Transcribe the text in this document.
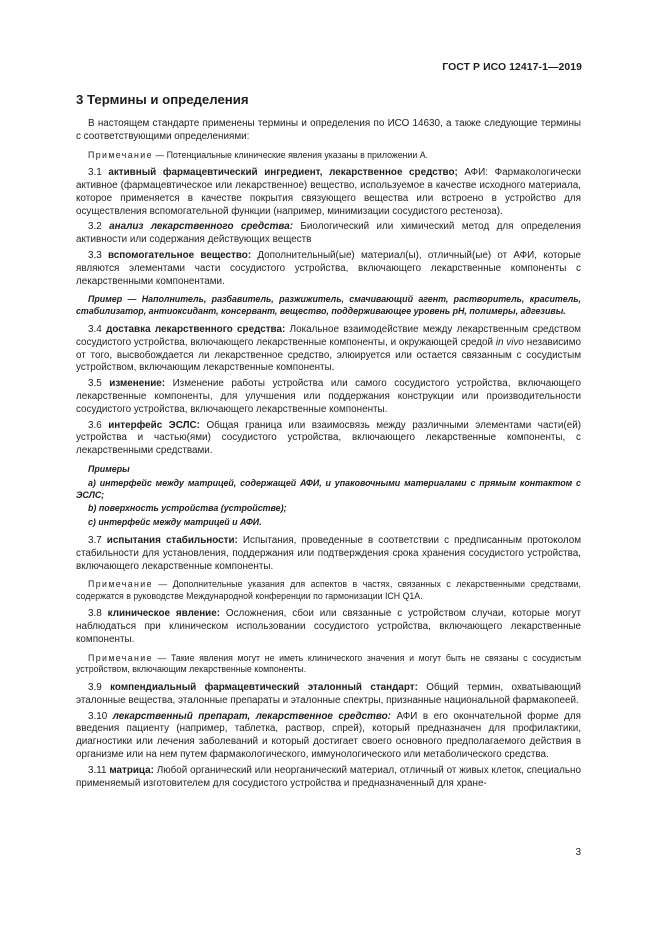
ГОСТ Р ИСО 12417-1—2019
3 Термины и определения

В настоящем стандарте применены термины и определения по ИСО 14630, а также следующие термины с соответствующими определениями:

Примечание — Потенциальные клинические явления указаны в приложении А.

3.1 активный фармацевтический ингредиент, лекарственное средство; АФИ: Фармакологически активное (фармацевтическое или лекарственное) вещество, используемое в качестве исходного материала, которое применяется в качестве покрытия связующего вещества или встроено в устройство для осуществления вспомогательной функции (например, минимизации сосудистого рестеноза).

3.2 анализ лекарственного средства: Биологический или химический метод для определения активности или содержания действующих веществ

3.3 вспомогательное вещество: Дополнительный(ые) материал(ы), отличный(ые) от АФИ, которые являются элементами части сосудистого устройства, включающего лекарственные компоненты с лекарственными компонентами.

Пример — Наполнитель, разбавитель, разжижитель, смачивающий агент, растворитель, краситель, стабилизатор, антиоксидант, консервант, вещество, поддерживающее уровень pH, полимеры, адгезивы.

3.4 доставка лекарственного средства: Локальное взаимодействие между лекарственным средством сосудистого устройства, включающего лекарственные компоненты, и окружающей средой in vivo независимо от того, высвобождается ли лекарственное средство, элюируется или остается связанным с сосудистым устройством, включающим лекарственные компоненты.

3.5 изменение: Изменение работы устройства или самого сосудистого устройства, включающего лекарственные компоненты, для улучшения или поддержания конструкции или производительности сосудистого устройства, включающего лекарственные компоненты.

3.6 интерфейс ЭСЛС: Общая граница или взаимосвязь между различными элементами части(ей) устройства и частью(ями) сосудистого устройства, включающего лекарственные компоненты, с лекарственными средствами.

Примеры

a) интерфейс между матрицей, содержащей АФИ, и упаковочными материалами с прямым контактом с ЭСЛС;

b) поверхность устройства (устройстве);

c) интерфейс между матрицей и АФИ.

3.7 испытания стабильности: Испытания, проведенные в соответствии с предписанным протоколом стабильности для установления, поддержания или подтверждения срока хранения сосудистого устройства, включающего лекарственные компоненты.

Примечание — Дополнительные указания для аспектов в частях, связанных с лекарственными средствами, содержатся в руководстве Международной конференции по гармонизации ICH Q1A.

3.8 клиническое явление: Осложнения, сбои или связанные с устройством случаи, которые могут наблюдаться при клиническом использовании сосудистого устройства, включающего лекарственные компоненты.

Примечание — Такие явления могут не иметь клинического значения и могут быть не связаны с сосудистым устройством, включающим лекарственные компоненты.

3.9 компендиальный фармацевтический эталонный стандарт: Общий термин, охватывающий эталонные вещества, эталонные препараты и эталонные спектры, признанные национальной фармакопеей.

3.10 лекарственный препарат, лекарственное средство: АФИ в его окончательной форме для введения пациенту (например, таблетка, раствор, спрей), который предназначен для профилактики, диагностики или лечения заболеваний и который достигает своего основного предполагаемого действия в организме или на нем путем фармакологического, иммунологического или метаболического средства.

3.11 матрица: Любой органический или неорганический материал, отличный от живых клеток, специально применяемый изготовителем для сосудистого устройства и предназначенный для хране-

3
